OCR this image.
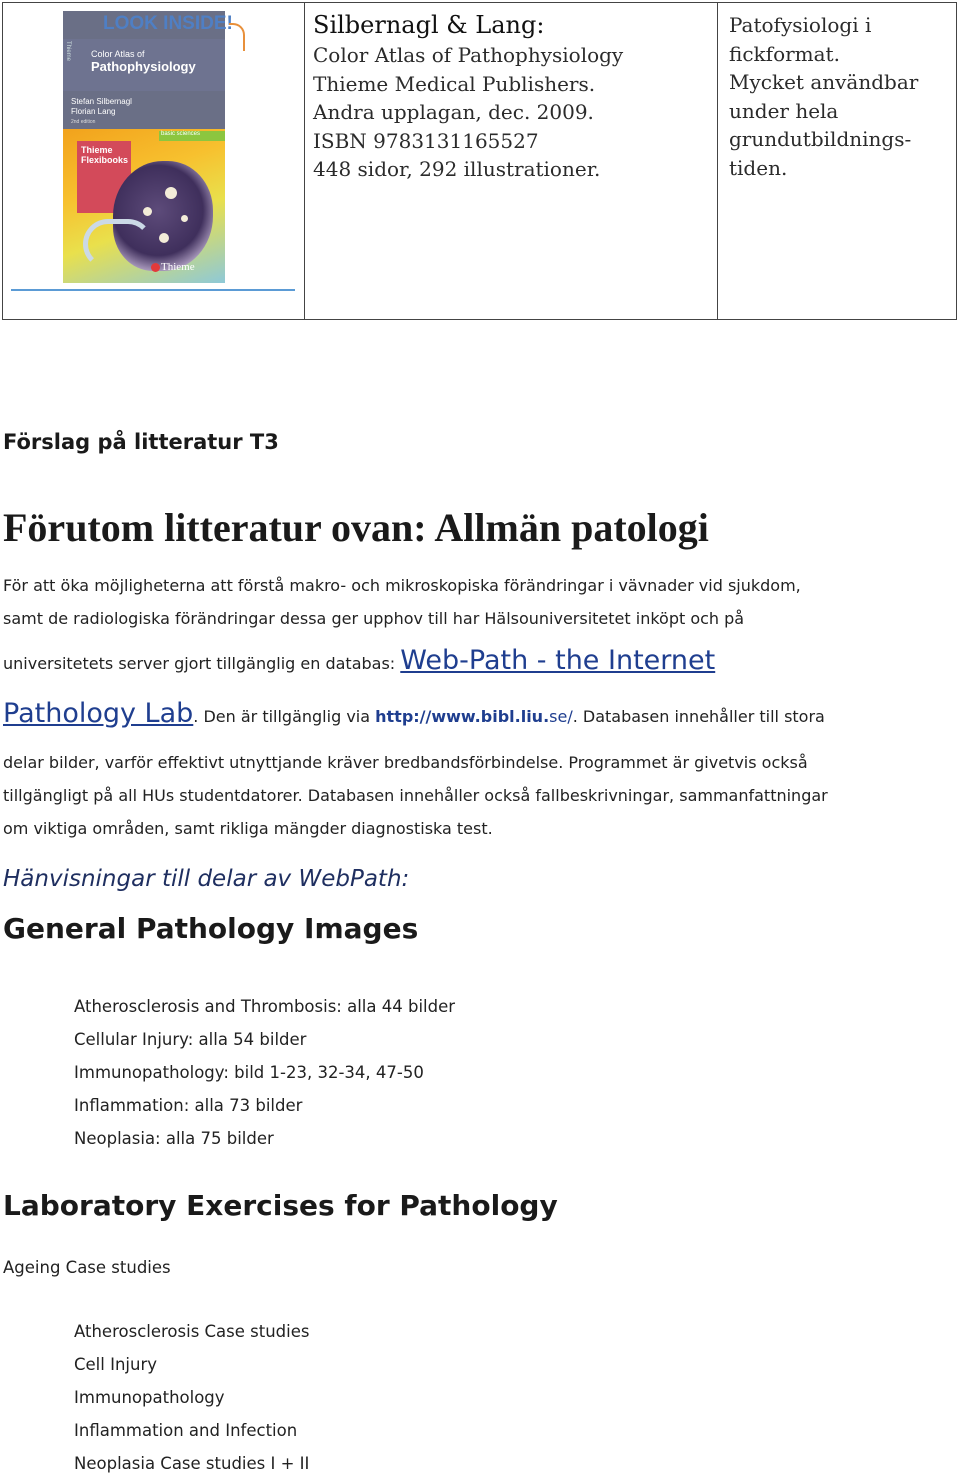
Thieme Color Atlas of
Pathophysiology
Stefan Silbernagl
Florian Lang
2nd edition
basic sciences
Thieme
Flexibooks
Thieme
LOOK INSIDE!	Silbernagl & Lang:
Color Atlas of Pathophysiology
Thieme Medical Publishers.
Andra upplagan, dec. 2009.
ISBN 9783131165527
448 sidor, 292 illustrationer.
Patofysiologi i
fickformat.
Mycket användbar
under hela
grundutbildnings-
tiden.
Förslag på litteratur T3
Förutom litteratur ovan: Allmän patologi
För att öka möjligheterna att förstå makro- och mikroskopiska förändringar i vävnader vid sjukdom,
samt de radiologiska förändringar dessa ger upphov till har Hälsouniversitetet inköpt och på
universitetets server gjort tillgänglig en databas: Web-Path - the Internet
Pathology Lab. Den är tillgänglig via http://www.bibl.liu.se/. Databasen innehåller till stora
delar bilder, varför effektivt utnyttjande kräver bredbandsförbindelse. Programmet är givetvis också
tillgängligt på all HUs studentdatorer. Databasen innehåller också fallbeskrivningar, sammanfattningar
om viktiga områden, samt rikliga mängder diagnostiska test.
Hänvisningar till delar av WebPath:
General Pathology Images
Atherosclerosis and Thrombosis: alla 44 bilder
Cellular Injury: alla 54 bilder
Immunopathology: bild 1-23, 32-34, 47-50
Inflammation: alla 73 bilder
Neoplasia: alla 75 bilder
Laboratory Exercises for Pathology
Ageing Case studies
Atherosclerosis Case studies
Cell Injury
Immunopathology
Inflammation and Infection
Neoplasia Case studies I + II
